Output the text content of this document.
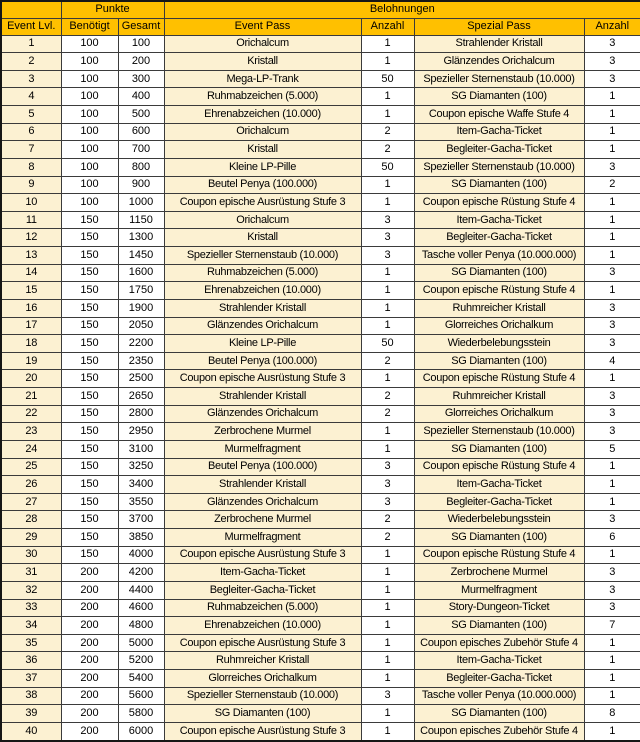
	Punkte		Belohnungen			
Event Lvl.	Benötigt	Gesamt	Event Pass	Anzahl	Spezial Pass	Anzahl
1	100	100	Orichalcum	1	Strahlender Kristall	3
2	100	200	Kristall	1	Glänzendes Orichalcum	3
3	100	300	Mega-LP-Trank	50	Spezieller Sternenstaub (10.000)	3
4	100	400	Ruhmabzeichen (5.000)	1	SG Diamanten (100)	1
5	100	500	Ehrenabzeichen (10.000)	1	Coupon epische Waffe Stufe 4	1
6	100	600	Orichalcum	2	Item-Gacha-Ticket	1
7	100	700	Kristall	2	Begleiter-Gacha-Ticket	1
8	100	800	Kleine LP-Pille	50	Spezieller Sternenstaub (10.000)	3
9	100	900	Beutel Penya (100.000)	1	SG Diamanten (100)	2
10	100	1000	Coupon epische Ausrüstung Stufe 3	1	Coupon epische Rüstung Stufe 4	1
11	150	1150	Orichalcum	3	Item-Gacha-Ticket	1
12	150	1300	Kristall	3	Begleiter-Gacha-Ticket	1
13	150	1450	Spezieller Sternenstaub (10.000)	3	Tasche voller Penya (10.000.000)	1
14	150	1600	Ruhmabzeichen (5.000)	1	SG Diamanten (100)	3
15	150	1750	Ehrenabzeichen (10.000)	1	Coupon epische Rüstung Stufe 4	1
16	150	1900	Strahlender Kristall	1	Ruhmreicher Kristall	3
17	150	2050	Glänzendes Orichalcum	1	Glorreiches Orichalkum	3
18	150	2200	Kleine LP-Pille	50	Wiederbelebungsstein	3
19	150	2350	Beutel Penya (100.000)	2	SG Diamanten (100)	4
20	150	2500	Coupon epische Ausrüstung Stufe 3	1	Coupon epische Rüstung Stufe 4	1
21	150	2650	Strahlender Kristall	2	Ruhmreicher Kristall	3
22	150	2800	Glänzendes Orichalcum	2	Glorreiches Orichalkum	3
23	150	2950	Zerbrochene Murmel	1	Spezieller Sternenstaub (10.000)	3
24	150	3100	Murmelfragment	1	SG Diamanten (100)	5
25	150	3250	Beutel Penya (100.000)	3	Coupon epische Rüstung Stufe 4	1
26	150	3400	Strahlender Kristall	3	Item-Gacha-Ticket	1
27	150	3550	Glänzendes Orichalcum	3	Begleiter-Gacha-Ticket	1
28	150	3700	Zerbrochene Murmel	2	Wiederbelebungsstein	3
29	150	3850	Murmelfragment	2	SG Diamanten (100)	6
30	150	4000	Coupon epische Ausrüstung Stufe 3	1	Coupon epische Rüstung Stufe 4	1
31	200	4200	Item-Gacha-Ticket	1	Zerbrochene Murmel	3
32	200	4400	Begleiter-Gacha-Ticket	1	Murmelfragment	3
33	200	4600	Ruhmabzeichen (5.000)	1	Story-Dungeon-Ticket	3
34	200	4800	Ehrenabzeichen (10.000)	1	SG Diamanten (100)	7
35	200	5000	Coupon epische Ausrüstung Stufe 3	1	Coupon episches Zubehör Stufe 4	1
36	200	5200	Ruhmreicher Kristall	1	Item-Gacha-Ticket	1
37	200	5400	Glorreiches Orichalkum	1	Begleiter-Gacha-Ticket	1
38	200	5600	Spezieller Sternenstaub (10.000)	3	Tasche voller Penya (10.000.000)	1
39	200	5800	SG Diamanten (100)	1	SG Diamanten (100)	8
40	200	6000	Coupon epische Ausrüstung Stufe 3	1	Coupon episches Zubehör Stufe 4	1
